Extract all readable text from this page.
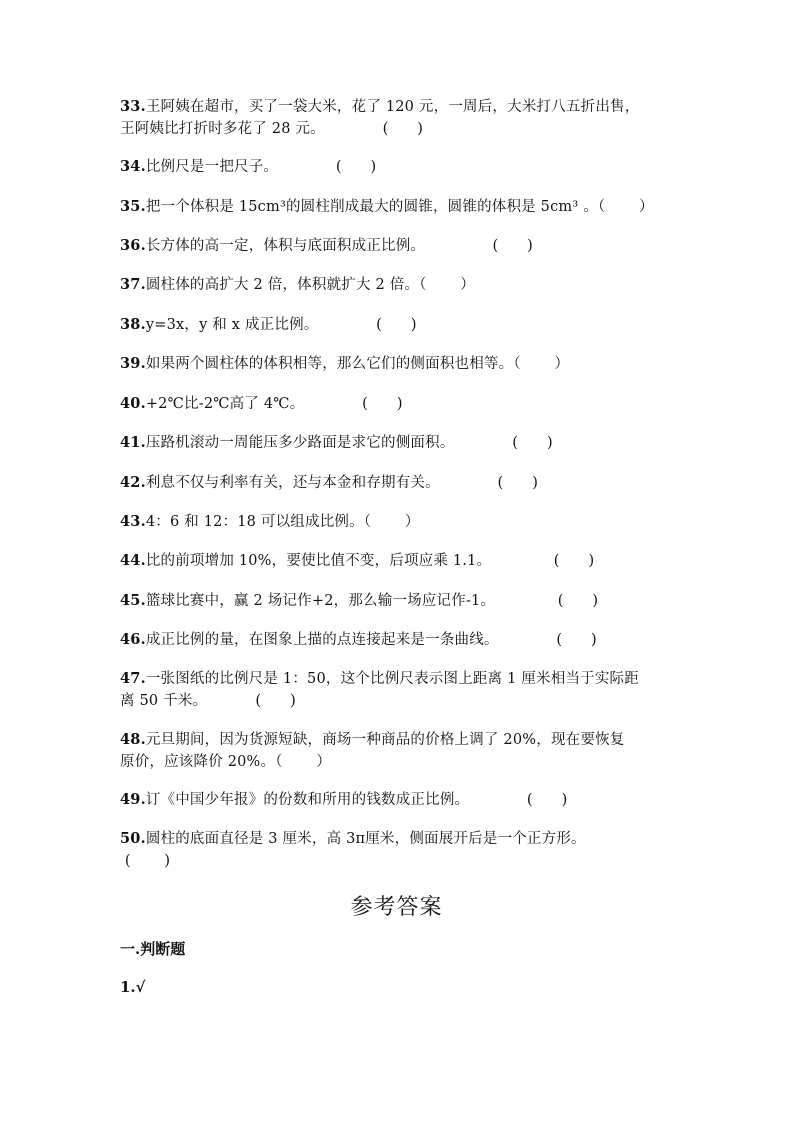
33.王阿姨在超市，买了一袋大米，花了 120 元，一周后，大米打八五折出售，
王阿姨比打折时多花了 28 元。            (      )
34.比例尺是一把尺子。            (      )
35.把一个体积是 15cm³的圆柱削成最大的圆锥，圆锥的体积是 5cm³ 。（       ）
36.长方体的高一定，体积与底面积成正比例。              (      )
37.圆柱体的高扩大 2 倍，体积就扩大 2 倍。（       ）
38.y=3x，y 和 x 成正比例。            (      )
39.如果两个圆柱体的体积相等，那么它们的侧面积也相等。（       ）
40.+2℃比-2℃高了 4℃。            (      )
41.压路机滚动一周能压多少路面是求它的侧面积。            (      )
42.利息不仅与利率有关，还与本金和存期有关。            (      )
43.4：6 和 12：18 可以组成比例。（       ）
44.比的前项增加 10%，要使比值不变，后项应乘 1.1。             (      )
45.篮球比赛中，赢 2 场记作+2，那么输一场应记作-1。             (      )
46.成正比例的量，在图象上描的点连接起来是一条曲线。            (      )
47.一张图纸的比例尺是 1：50，这个比例尺表示图上距离 1 厘米相当于实际距
离 50 千米。          (      )
48.元旦期间，因为货源短缺，商场一种商品的价格上调了 20%，现在要恢复
原价，应该降价 20%。（       ）
49.订《中国少年报》的份数和所用的钱数成正比例。            (      )
50.圆柱的底面直径是 3 厘米，高 3π厘米，侧面展开后是一个正方形。
(       )
参考答案
一.判断题
1.√
